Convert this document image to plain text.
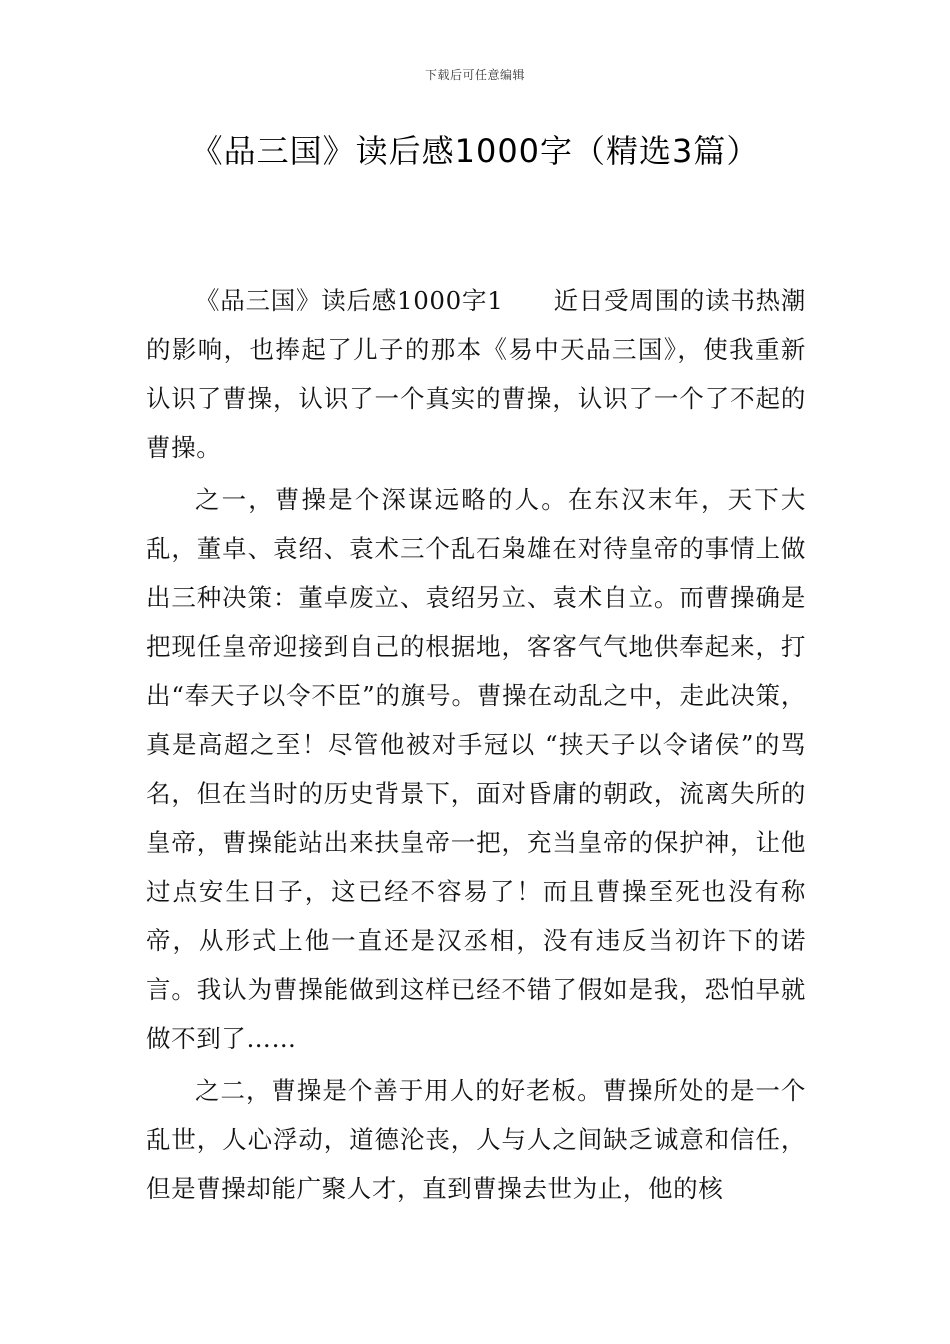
下载后可任意编辑
《品三国》读后感1000字（精选3篇）

《品三国》读后感1000字1 近日受周围的读书热潮的影响，也捧起了儿子的那本《易中天品三国》，使我重新认识了曹操，认识了一个真实的曹操，认识了一个了不起的曹操。

之一，曹操是个深谋远略的人。在东汉末年，天下大乱，董卓、袁绍、袁术三个乱石枭雄在对待皇帝的事情上做出三种决策：董卓废立、袁绍另立、袁术自立。而曹操确是把现任皇帝迎接到自己的根据地，客客气气地供奉起来，打出“奉天子以令不臣”的旗号。曹操在动乱之中，走此决策，真是高超之至！尽管他被对手冠以 “挟天子以令诸侯”的骂名，但在当时的历史背景下，面对昏庸的朝政，流离失所的皇帝，曹操能站出来扶皇帝一把，充当皇帝的保护神，让他过点安生日子，这已经不容易了！而且曹操至死也没有称帝，从形式上他一直还是汉丞相，没有违反当初许下的诺言。我认为曹操能做到这样已经不错了假如是我，恐怕早就做不到了……

之二，曹操是个善于用人的好老板。曹操所处的是一个乱世，人心浮动，道德沦丧，人与人之间缺乏诚意和信任，但是曹操却能广聚人才，直到曹操去世为止，他的核
